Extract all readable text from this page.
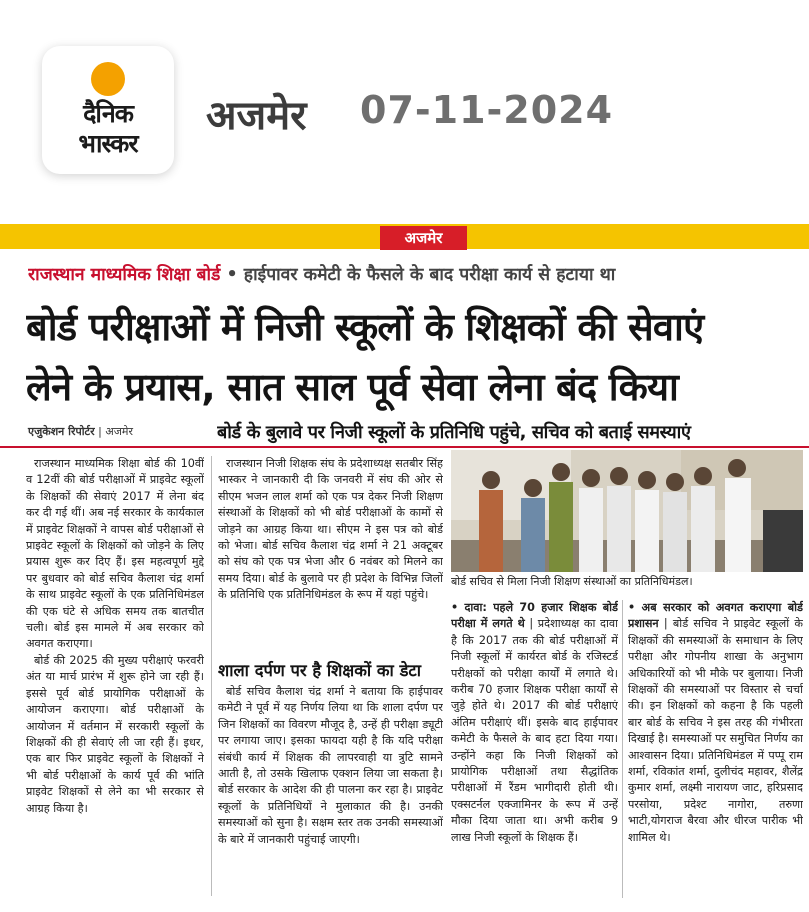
दैनिक
भास्कर
अजमेर 07-11-2024
अजमेर
राजस्थान माध्यमिक शिक्षा बोर्ड • हाईपावर कमेटी के फैसले के बाद परीक्षा कार्य से हटाया था
बोर्ड परीक्षाओं में निजी स्कूलों के शिक्षकों की सेवाएं
लेने के प्रयास, सात साल पूर्व सेवा लेना बंद किया
एजुकेशन रिपोर्टर | अजमेर	बोर्ड के बुलावे पर निजी स्कूलों के प्रतिनिधि पहुंचे, सचिव को बताई समस्याएं

राजस्थान माध्यमिक शिक्षा बोर्ड की 10वीं व 12वीं की बोर्ड परीक्षाओं में प्राइवेट स्कूलों के शिक्षकों की सेवाएं 2017 में लेना बंद कर दी गई थीं। अब नई सरकार के कार्यकाल में प्राइवेट शिक्षकों ने वापस बोर्ड परीक्षाओं से प्राइवेट स्कूलों के शिक्षकों को जोड़ने के लिए प्रयास शुरू कर दिए हैं। इस महत्वपूर्ण मुद्दे पर बुधवार को बोर्ड सचिव कैलाश चंद्र शर्मा के साथ प्राइवेट स्कूलों के एक प्रतिनिधिमंडल की एक घंटे से अधिक समय तक बातचीत चली। बोर्ड इस मामले में अब सरकार को अवगत कराएगा।

बोर्ड की 2025 की मुख्य परीक्षाएं फरवरी अंत या मार्च प्रारंभ में शुरू होने जा रही हैं। इससे पूर्व बोर्ड प्रायोगिक परीक्षाओं के आयोजन कराएगा। बोर्ड परीक्षाओं के आयोजन में वर्तमान में सरकारी स्कूलों के शिक्षकों की ही सेवाएं ली जा रही हैं। इधर, एक बार फिर प्राइवेट स्कूलों के शिक्षकों ने भी बोर्ड परीक्षाओं के कार्य पूर्व की भांति प्राइवेट शिक्षकों से लेने का भी सरकार से आग्रह किया है।

राजस्थान निजी शिक्षक संघ के प्रदेशाध्यक्ष सतबीर सिंह भास्कर ने जानकारी दी कि जनवरी में संघ की ओर से सीएम भजन लाल शर्मा को एक पत्र देकर निजी शिक्षण संस्थाओं के शिक्षकों को भी बोर्ड परीक्षाओं के कामों से जोड़ने का आग्रह किया था। सीएम ने इस पत्र को बोर्ड को भेजा। बोर्ड सचिव कैलाश चंद्र शर्मा ने 21 अक्टूबर को संघ को एक पत्र भेजा और 6 नवंबर को मिलने का समय दिया। बोर्ड के बुलावे पर ही प्रदेश के विभिन्न जिलों के प्रतिनिधि एक प्रतिनिधिमंडल के रूप में यहां पहुंचे।

शाला दर्पण पर है शिक्षकों का डेटा

बोर्ड सचिव कैलाश चंद्र शर्मा ने बताया कि हाईपावर कमेटी ने पूर्व में यह निर्णय लिया था कि शाला दर्पण पर जिन शिक्षकों का विवरण मौजूद है, उन्हें ही परीक्षा ड्यूटी पर लगाया जाए। इसका फायदा यही है कि यदि परीक्षा संबंधी कार्य में शिक्षक की लापरवाही या त्रुटि सामने आती है, तो उसके खिलाफ एक्शन लिया जा सकता है। बोर्ड सरकार के आदेश की ही पालना कर रहा है। प्राइवेट स्कूलों के प्रतिनिधियों ने मुलाकात की है। उनकी समस्याओं को सुना है। सक्षम स्तर तक उनकी समस्याओं के बारे में जानकारी पहुंचाई जाएगी।

बोर्ड सचिव से मिला निजी शिक्षण संस्थाओं का प्रतिनिधिमंडल।
• दावा: पहले 70 हजार शिक्षक बोर्ड परीक्षा में लगते थे | प्रदेशाध्यक्ष का दावा है कि 2017 तक की बोर्ड परीक्षाओं में निजी स्कूलों में कार्यरत बोर्ड के रजिस्टर्ड परीक्षकों को परीक्षा कार्यों में लगाते थे। करीब 70 हजार शिक्षक परीक्षा कार्यों से जुड़े होते थे। 2017 की बोर्ड परीक्षाएं अंतिम परीक्षाएं थीं। इसके बाद हाईपावर कमेटी के फैसले के बाद हटा दिया गया। उन्होंने कहा कि निजी शिक्षकों को प्रायोगिक परीक्षाओं तथा सैद्धांतिक परीक्षाओं में रैंडम भागीदारी होती थी। एक्सटर्नल एक्जामिनर के रूप में उन्हें मौका दिया जाता था। अभी करीब 9 लाख निजी स्कूलों के शिक्षक हैं।
• अब सरकार को अवगत कराएगा बोर्ड प्रशासन | बोर्ड सचिव ने प्राइवेट स्कूलों के शिक्षकों की समस्याओं के समाधान के लिए परीक्षा और गोपनीय शाखा के अनुभाग अधिकारियों को भी मौके पर बुलाया। निजी शिक्षकों की समस्याओं पर विस्तार से चर्चा की। इन शिक्षकों को कहना है कि पहली बार बोर्ड के सचिव ने इस तरह की गंभीरता दिखाई है। समस्याओं पर समुचित निर्णय का आश्वासन दिया। प्रतिनिधिमंडल में पप्पू राम शर्मा, रविकांत शर्मा, दुलीचंद महावर, शैलेंद्र कुमार शर्मा, लक्ष्मी नारायण जाट, हरिप्रसाद परसोया, प्रदेश्ट नागोरा, तरुणा भाटी,योगराज बैरवा और धीरज पारीक भी शामिल थे।
